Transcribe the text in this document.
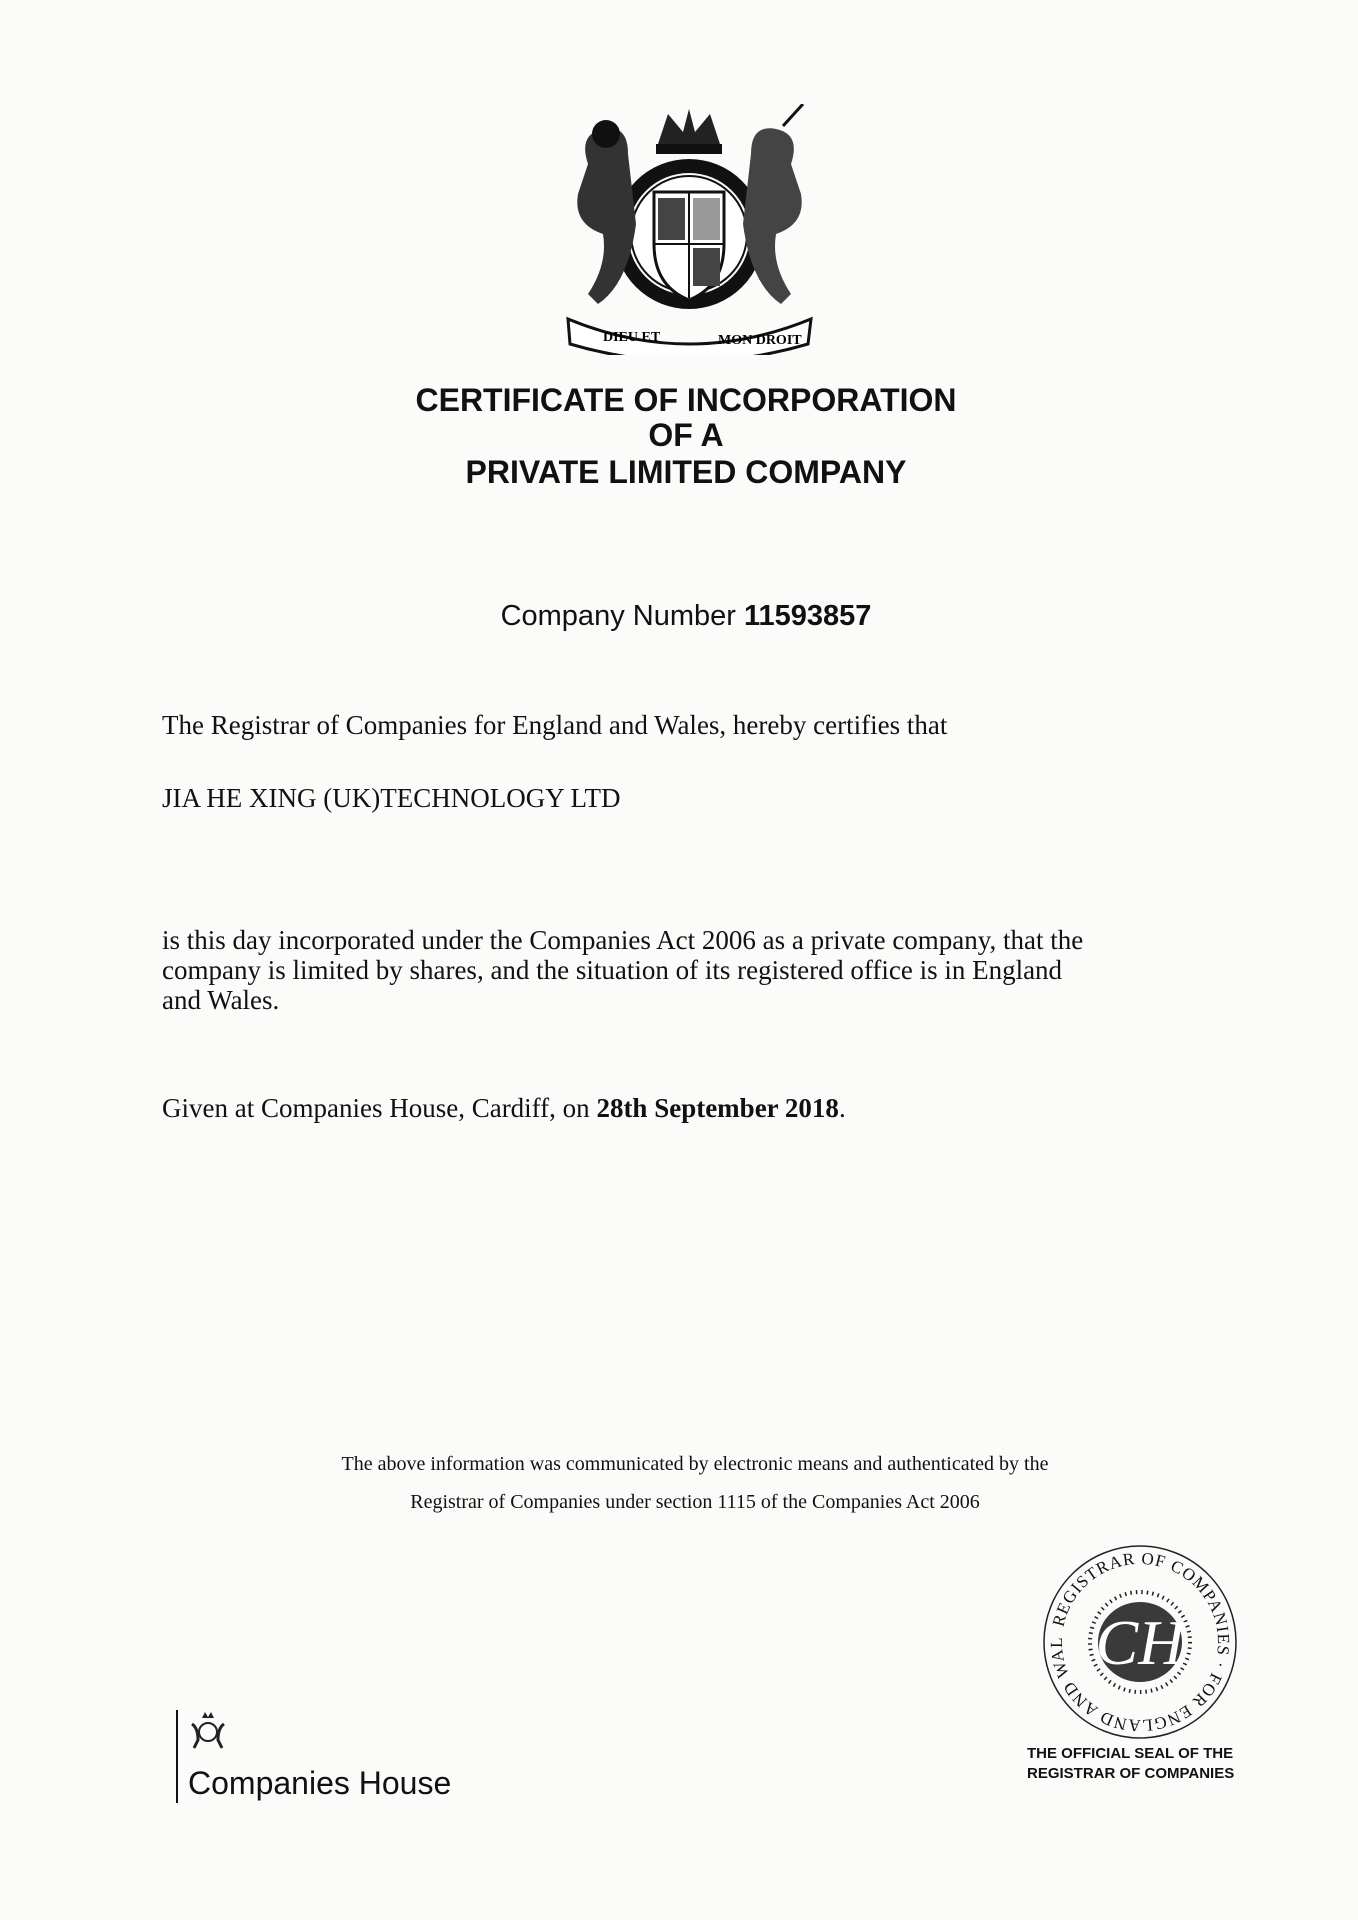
DIEU ET	MON DROIT
CERTIFICATE OF INCORPORATION
OF A
PRIVATE LIMITED COMPANY
Company Number 11593857
The Registrar of Companies for England and Wales, hereby certifies that
JIA HE XING (UK)TECHNOLOGY LTD
is this day incorporated under the Companies Act 2006 as a private company, that the
company is limited by shares, and the situation of its registered office is in England
and Wales.
Given at Companies House, Cardiff, on 28th September 2018.
The above information was communicated by electronic means and authenticated by the
Registrar of Companies under section 1115 of the Companies Act 2006
REGISTRAR OF COMPANIES · FOR ENGLAND AND WAL CH
THE OFFICIAL SEAL OF THE
REGISTRAR OF COMPANIES
Companies House
